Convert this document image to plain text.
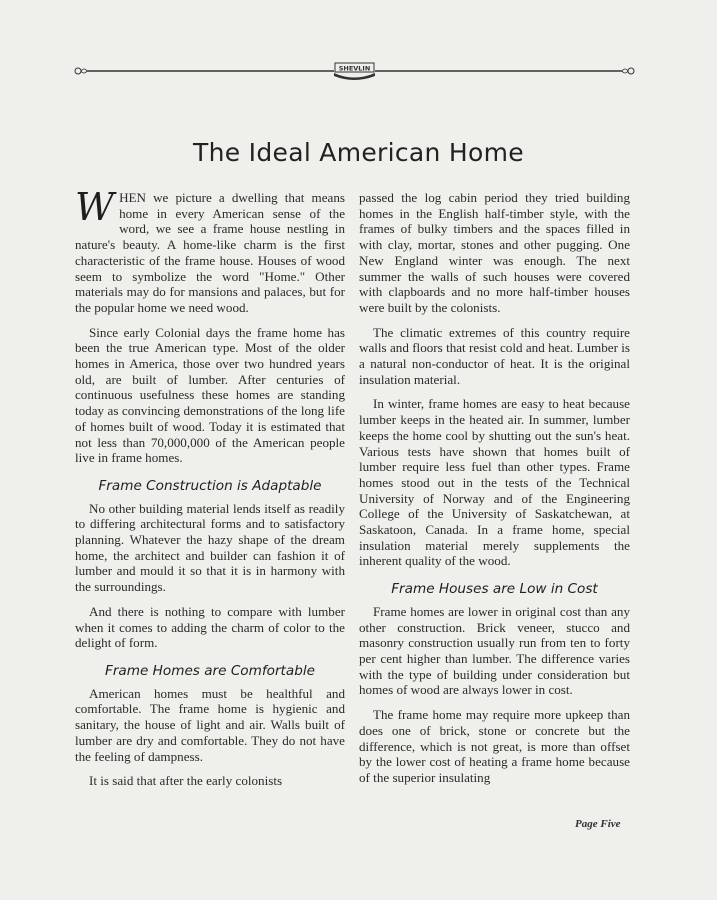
SHEVLIN
The Ideal American Home

WHEN we picture a dwelling that means home in every American sense of the word, we see a frame house nestling in nature's beauty. A home-like charm is the first characteristic of the frame house. Houses of wood seem to symbolize the word "Home." Other materials may do for mansions and palaces, but for the popular home we need wood.

Since early Colonial days the frame home has been the true American type. Most of the older homes in America, those over two hundred years old, are built of lumber. After centuries of continuous usefulness these homes are standing today as convincing demonstrations of the long life of homes built of wood. Today it is estimated that not less than 70,000,000 of the American people live in frame homes.

Frame Construction is Adaptable

No other building material lends itself as readily to differing architectural forms and to satisfactory planning. Whatever the hazy shape of the dream home, the architect and builder can fashion it of lumber and mould it so that it is in harmony with the surroundings.

And there is nothing to compare with lumber when it comes to adding the charm of color to the delight of form.

Frame Homes are Comfortable

American homes must be healthful and comfortable. The frame home is hygienic and sanitary, the house of light and air. Walls built of lumber are dry and comfortable. They do not have the feeling of dampness.

It is said that after the early colonists

passed the log cabin period they tried building homes in the English half-timber style, with the frames of bulky timbers and the spaces filled in with clay, mortar, stones and other pugging. One New England winter was enough. The next summer the walls of such houses were covered with clapboards and no more half-timber houses were built by the colonists.

The climatic extremes of this country require walls and floors that resist cold and heat. Lumber is a natural non-conductor of heat. It is the original insulation material.

In winter, frame homes are easy to heat because lumber keeps in the heated air. In summer, lumber keeps the home cool by shutting out the sun's heat. Various tests have shown that homes built of lumber require less fuel than other types. Frame homes stood out in the tests of the Technical University of Norway and of the Engineering College of the University of Saskatchewan, at Saskatoon, Canada. In a frame home, special insulation material merely supplements the inherent quality of the wood.

Frame Houses are Low in Cost

Frame homes are lower in original cost than any other construction. Brick veneer, stucco and masonry construction usually run from ten to forty per cent higher than lumber. The difference varies with the type of building under consideration but homes of wood are always lower in cost.

The frame home may require more upkeep than does one of brick, stone or concrete but the difference, which is not great, is more than offset by the lower cost of heating a frame home because of the superior insulating

Page Five
